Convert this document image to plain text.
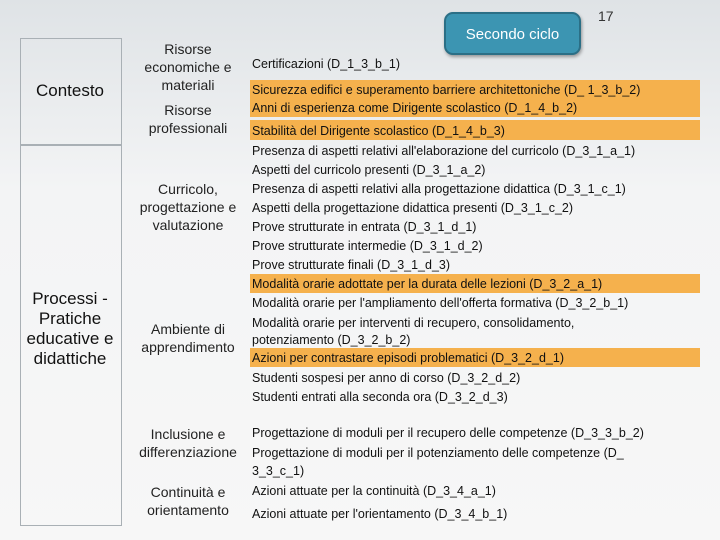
17
Secondo ciclo
Contesto
Processi -
Pratiche
educative e
didattiche
Risorse
economiche e
materiali
Risorse
professionali
Curricolo,
progettazione e
valutazione
Ambiente di
apprendimento
Inclusione e
differenziazione
Continuità e
orientamento
Certificazioni (D_1_3_b_1)
Sicurezza edifici e superamento barriere architettoniche (D_ 1_3_b_2)
Anni di esperienza come Dirigente scolastico (D_1_4_b_2)
Stabilità del Dirigente scolastico (D_1_4_b_3)
Presenza di aspetti relativi all'elaborazione del curricolo (D_3_1_a_1)
Aspetti del curricolo presenti (D_3_1_a_2)
Presenza di aspetti relativi alla progettazione didattica (D_3_1_c_1)
Aspetti della progettazione didattica presenti (D_3_1_c_2)
Prove strutturate in entrata (D_3_1_d_1)
Prove strutturate intermedie (D_3_1_d_2)
Prove strutturate finali (D_3_1_d_3)
Modalità orarie adottate per la durata delle lezioni (D_3_2_a_1)
Modalità orarie per l'ampliamento dell'offerta formativa (D_3_2_b_1)
Modalità orarie per interventi di recupero, consolidamento,
potenziamento (D_3_2_b_2)
Azioni per contrastare episodi problematici (D_3_2_d_1)
Studenti sospesi per anno di corso (D_3_2_d_2)
Studenti entrati alla seconda ora (D_3_2_d_3)
Progettazione di moduli per il recupero delle competenze (D_3_3_b_2)
Progettazione di moduli per il potenziamento delle competenze (D_
3_3_c_1)
Azioni attuate per la continuità (D_3_4_a_1)
Azioni attuate per l'orientamento (D_3_4_b_1)
